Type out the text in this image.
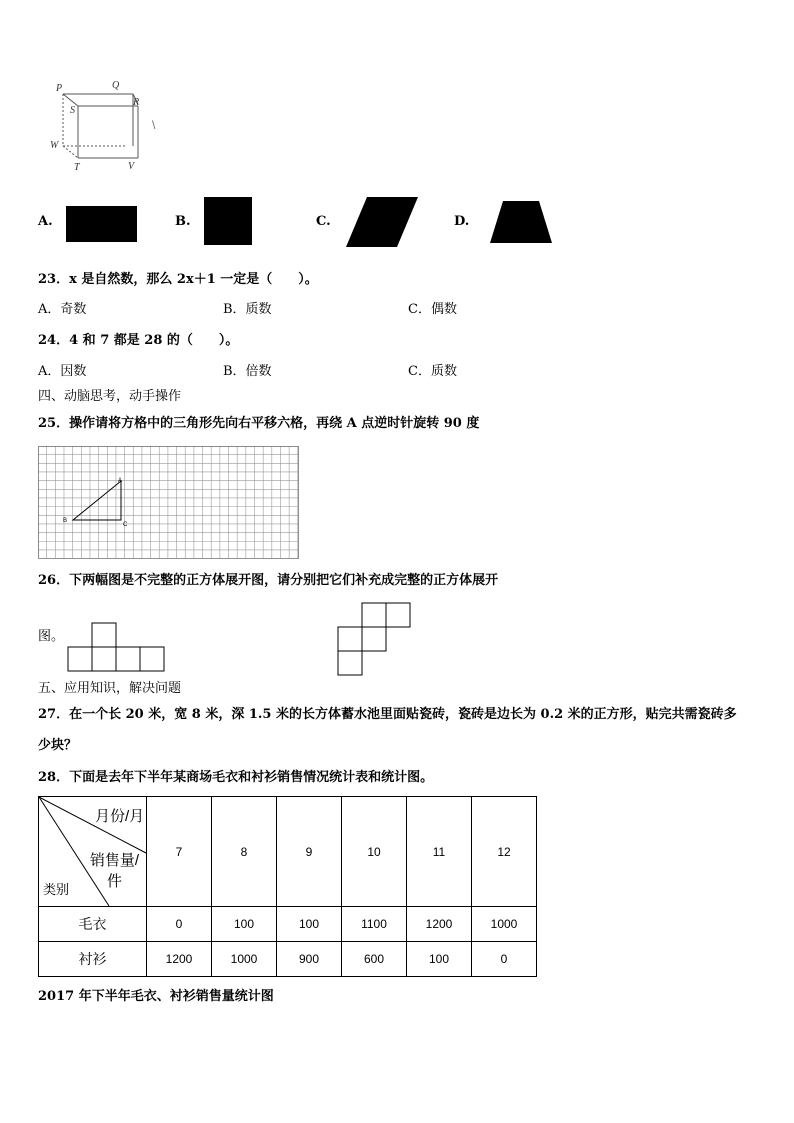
\
P	Q
R
S
W
T	V
A.	B.	C.	D.
23．x 是自然数，那么 2x＋1 一定是（　　）。
A．奇数	B．质数	C．偶数
24．4 和 7 都是 28 的（　　）。
A．因数	B．倍数	C．质数
四、动脑思考，动手操作
25．操作请将方格中的三角形先向右平移六格，再绕 A 点逆时针旋转 90 度
A
B
C
26．下两幅图是不完整的正方体展开图，请分别把它们补充成完整的正方体展开
图。
五、应用知识，解决问题
27．在一个长 20 米，宽 8 米，深 1.5 米的长方体蓄水池里面贴瓷砖，瓷砖是边长为 0.2 米的正方形，贴完共需瓷砖多
少块？
28．下面是去年下半年某商场毛衣和衬衫销售情况统计表和统计图。
月份/月
销售量/件
类别	7	8	9	10	11	12
毛衣	0	100	100	1100	1200	1000
衬衫	1200	1000	900	600	100	0
2017 年下半年毛衣、衬衫销售量统计图
